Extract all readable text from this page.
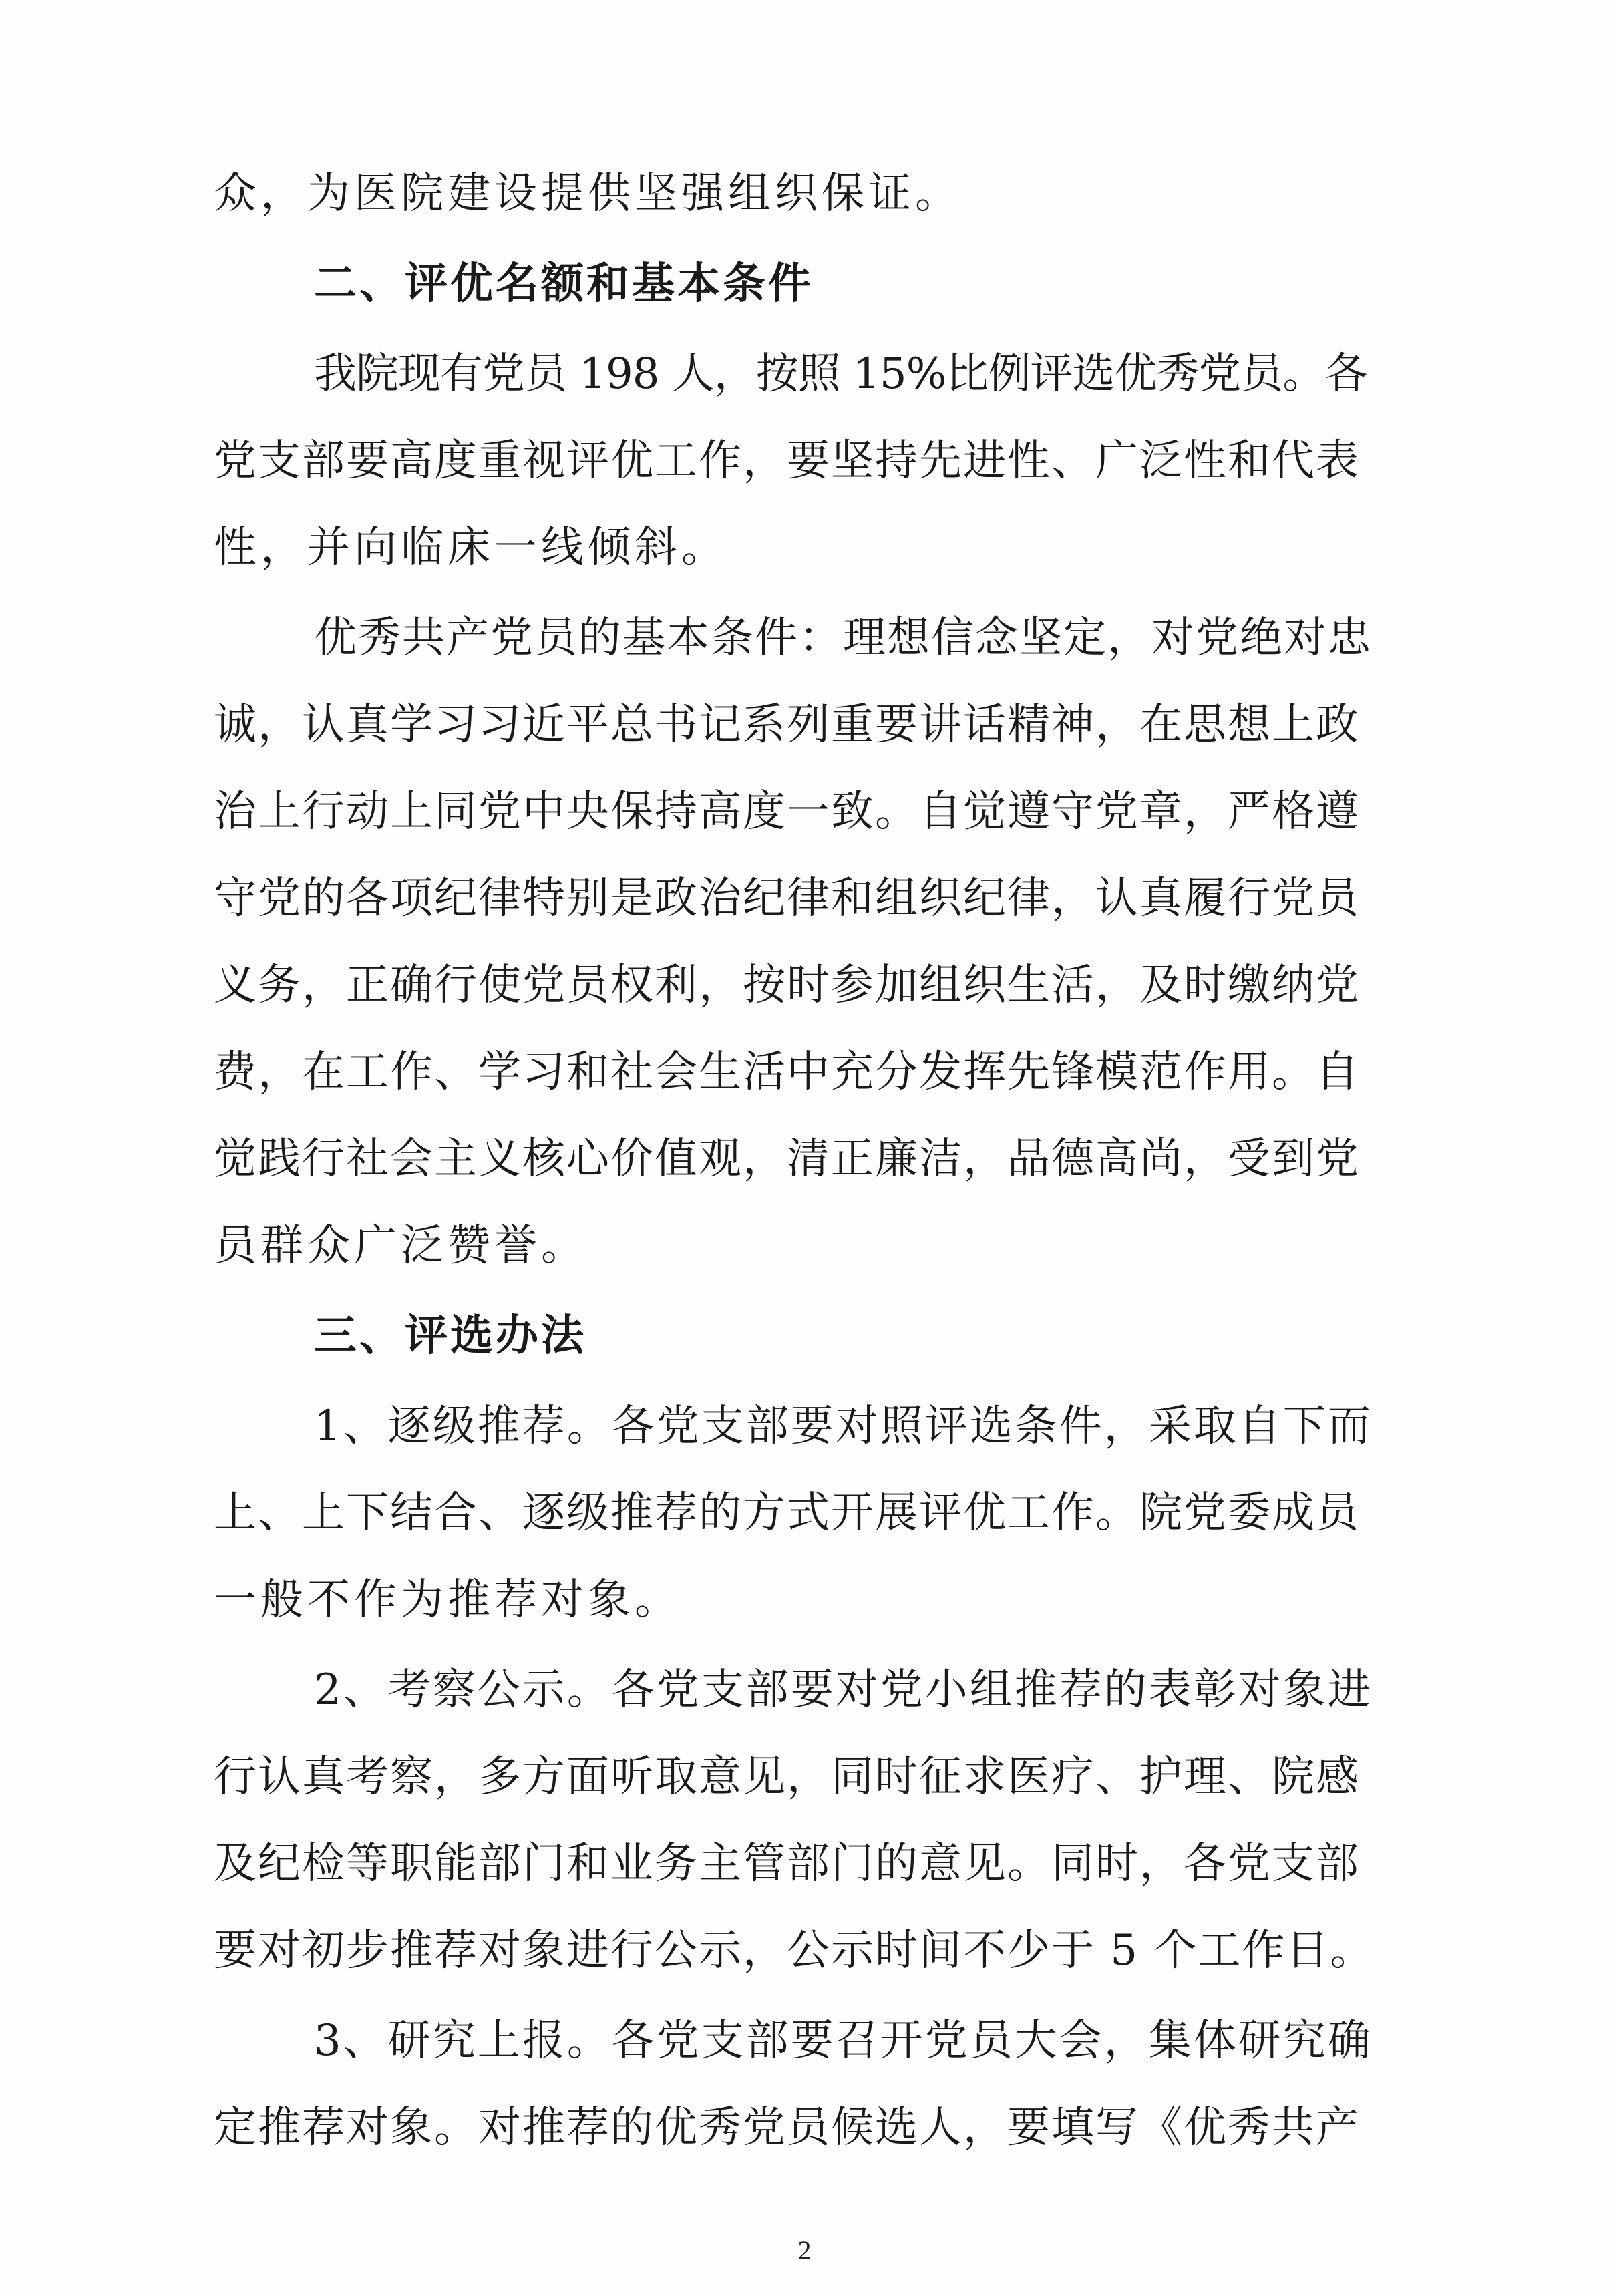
众，为医院建设提供坚强组织保证。
二、评优名额和基本条件
我院现有党员 198 人，按照 15%比例评选优秀党员。各
党支部要高度重视评优工作，要坚持先进性、广泛性和代表
性，并向临床一线倾斜。
优秀共产党员的基本条件：理想信念坚定，对党绝对忠
诚，认真学习习近平总书记系列重要讲话精神，在思想上政
治上行动上同党中央保持高度一致。自觉遵守党章，严格遵
守党的各项纪律特别是政治纪律和组织纪律，认真履行党员
义务，正确行使党员权利，按时参加组织生活，及时缴纳党
费，在工作、学习和社会生活中充分发挥先锋模范作用。自
觉践行社会主义核心价值观，清正廉洁，品德高尚，受到党
员群众广泛赞誉。
三、评选办法
1、逐级推荐。各党支部要对照评选条件，采取自下而
上、上下结合、逐级推荐的方式开展评优工作。院党委成员
一般不作为推荐对象。
2、考察公示。各党支部要对党小组推荐的表彰对象进
行认真考察，多方面听取意见，同时征求医疗、护理、院感
及纪检等职能部门和业务主管部门的意见。同时，各党支部
要对初步推荐对象进行公示，公示时间不少于 5 个工作日。
3、研究上报。各党支部要召开党员大会，集体研究确
定推荐对象。对推荐的优秀党员候选人，要填写《优秀共产
2
